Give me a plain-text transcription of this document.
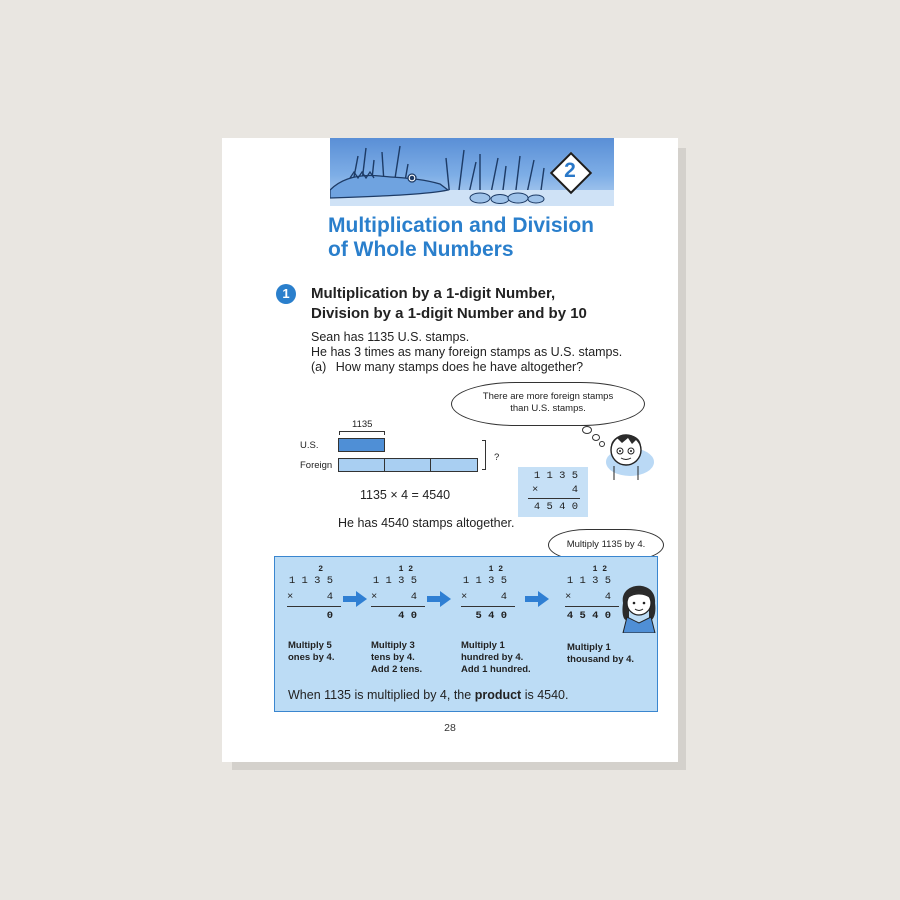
2
Multiplication and Division
of Whole Numbers
1	Multiplication by a 1-digit Number,
Division by a 1-digit Number and by 10
Sean has 1135 U.S. stamps.
He has 3 times as many foreign stamps as U.S. stamps.
(a) How many stamps does he have altogether?
There are more foreign stamps
than U.S. stamps.
1135
U.S.
Foreign
?
1135 × 4 = 4540
1 1 3 5
×	4
4 5 4 0
He has 4540 stamps altogether.
Multiply 1135 by 4.
2
1 1 3 5
×	4
0
1 2
1 1 3 5
×	4
4 0
1 2
1 1 3 5
×	4
5 4 0
1 2
1 1 3 5
×	4
4 5 4 0
Multiply 5
ones by 4.
Multiply 3
tens by 4.
Add 2 tens.
Multiply 1
hundred by 4.
Add 1 hundred.
Multiply 1
thousand by 4.
When 1135 is multiplied by 4, the product is 4540.
28
